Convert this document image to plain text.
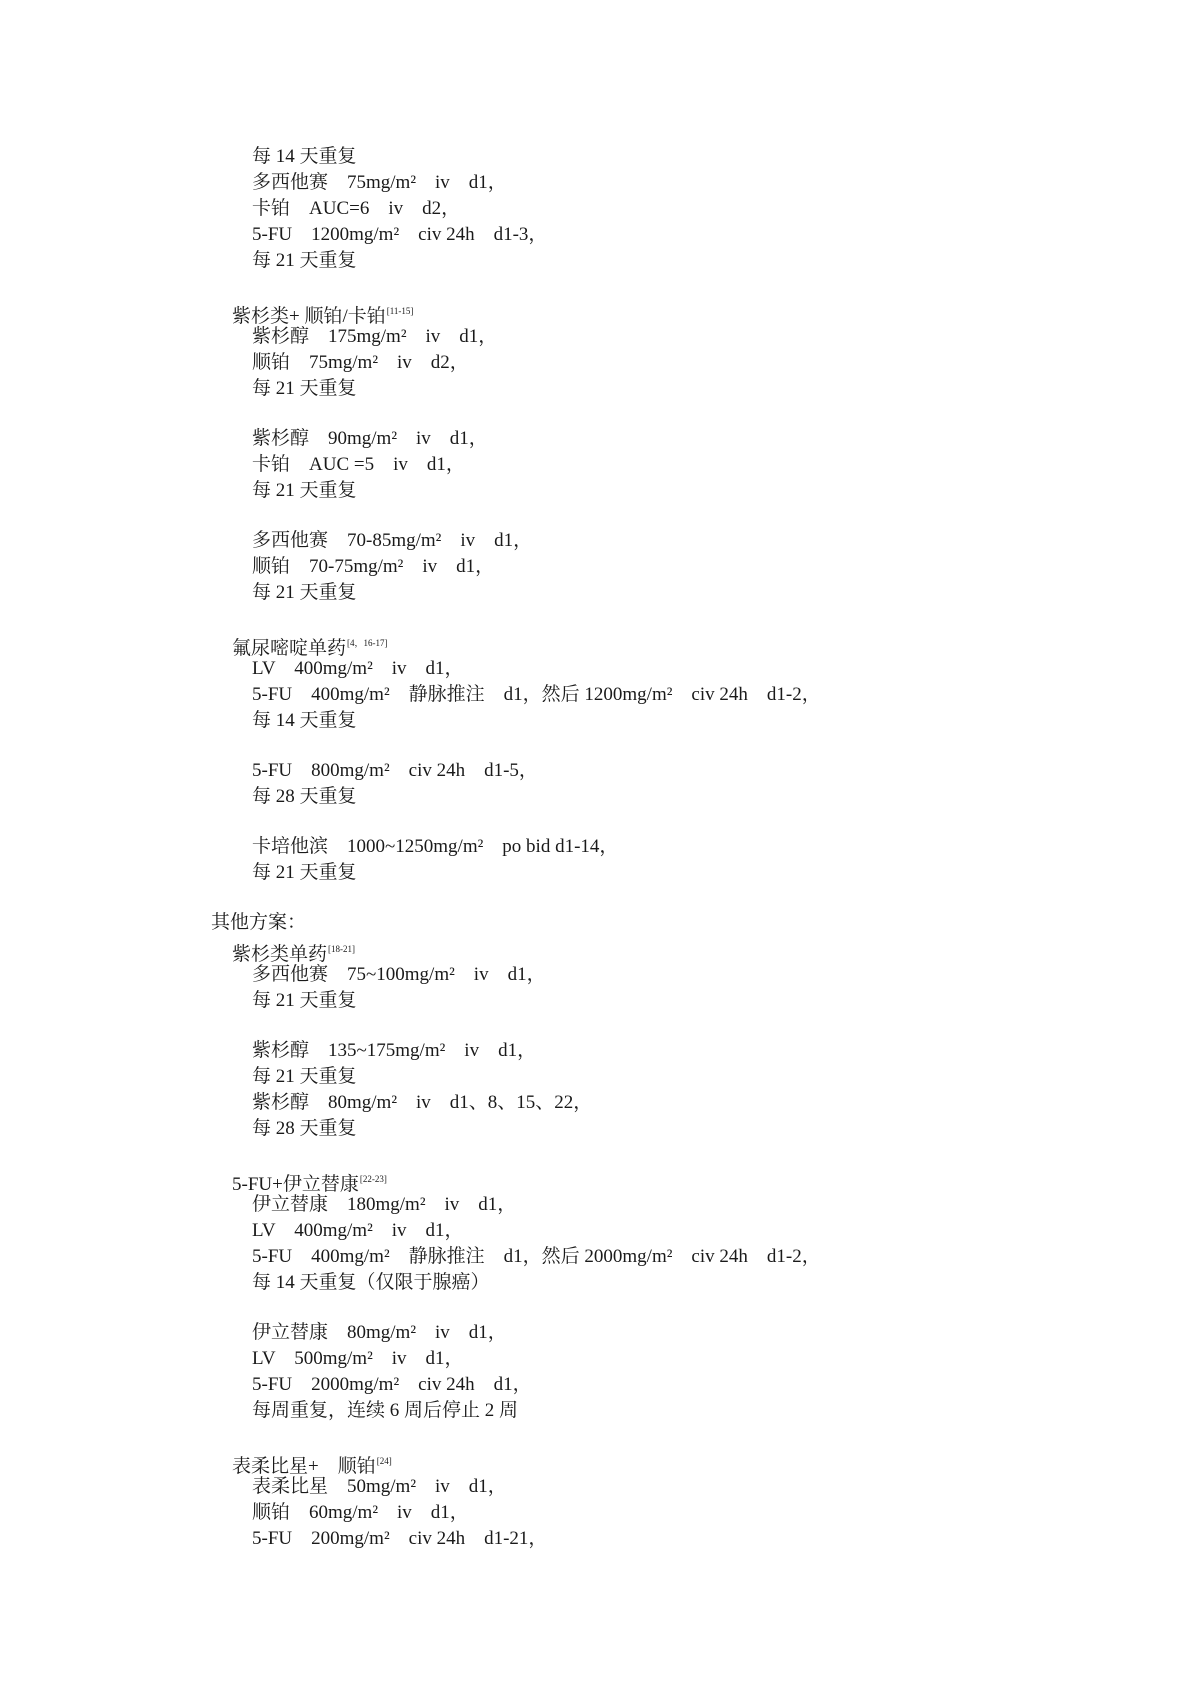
每 14 天重复
多西他赛　75mg/m²　iv　d1，
卡铂　AUC=6　iv　d2，
5-FU　1200mg/m²　civ 24h　d1-3，
每 21 天重复
紫杉类+ 顺铂/卡铂[11-15]
紫杉醇　175mg/m²　iv　d1，
顺铂　75mg/m²　iv　d2，
每 21 天重复
紫杉醇　90mg/m²　iv　d1，
卡铂　AUC =5　iv　d1，
每 21 天重复
多西他赛　70-85mg/m²　iv　d1，
顺铂　70-75mg/m²　iv　d1，
每 21 天重复
氟尿嘧啶单药[4，16-17]
LV　400mg/m²　iv　d1，
5-FU　400mg/m²　静脉推注　d1，然后 1200mg/m²　civ 24h　d1-2，
每 14 天重复
5-FU　800mg/m²　civ 24h　d1-5，
每 28 天重复
卡培他滨　1000~1250mg/m²　po bid d1-14，
每 21 天重复
其他方案：
紫杉类单药[18-21]
多西他赛　75~100mg/m²　iv　d1，
每 21 天重复
紫杉醇　135~175mg/m²　iv　d1，
每 21 天重复
紫杉醇　80mg/m²　iv　d1、8、15、22，
每 28 天重复
5-FU+伊立替康[22-23]
伊立替康　180mg/m²　iv　d1，
LV　400mg/m²　iv　d1，
5-FU　400mg/m²　静脉推注　d1，然后 2000mg/m²　civ 24h　d1-2，
每 14 天重复（仅限于腺癌）
伊立替康　80mg/m²　iv　d1，
LV　500mg/m²　iv　d1，
5-FU　2000mg/m²　civ 24h　d1，
每周重复，连续 6 周后停止 2 周
表柔比星+　顺铂[24]
表柔比星　50mg/m²　iv　d1，
顺铂　60mg/m²　iv　d1，
5-FU　200mg/m²　civ 24h　d1-21，
